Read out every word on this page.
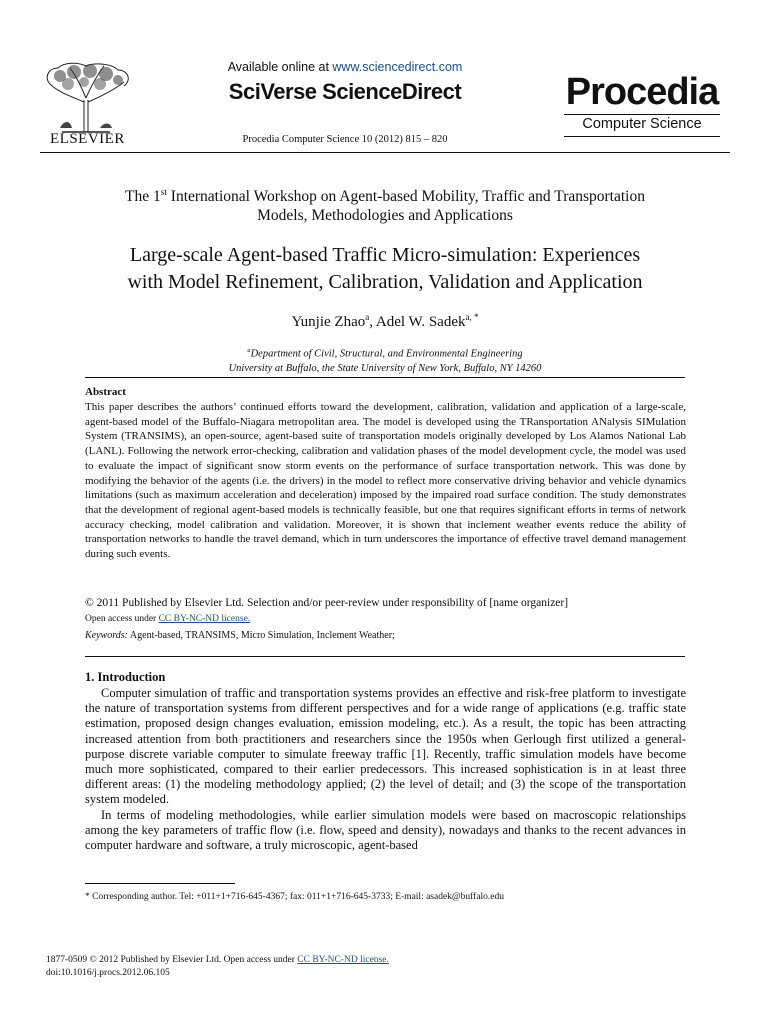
ELSEVIER
Available online at www.sciencedirect.com
SciVerse ScienceDirect
Procedia Computer Science 10 (2012) 815 – 820
Procedia
Computer Science
The 1st International Workshop on Agent-based Mobility, Traffic and Transportation
Models, Methodologies and Applications
Large-scale Agent-based Traffic Micro-simulation: Experiences
with Model Refinement, Calibration, Validation and Application
Yunjie Zhao$^a$, Adel W. Sadek$^{a, *}$
$^a$Department of Civil, Structural, and Environmental Engineering
University at Buffalo, the State University of New York, Buffalo, NY 14260
Abstract
This paper describes the authors’ continued efforts toward the development, calibration, validation and application of a large-scale, agent-based model of the Buffalo-Niagara metropolitan area. The model is developed using the TRansportation ANalysis SIMulation System (TRANSIMS), an open-source, agent-based suite of transportation models originally developed by Los Alamos National Lab (LANL). Following the network error-checking, calibration and validation phases of the model development cycle, the model was used to evaluate the impact of significant snow storm events on the performance of surface transportation network. This was done by modifying the behavior of the agents (i.e. the drivers) in the model to reflect more conservative driving behavior and vehicle dynamics limitations (such as maximum acceleration and deceleration) imposed by the impaired road surface condition. The study demonstrates that the development of regional agent-based models is technically feasible, but one that requires significant efforts in terms of network accuracy checking, model calibration and validation. Moreover, it is shown that inclement weather events reduce the ability of transportation networks to handle the travel demand, which in turn underscores the importance of effective travel demand management during such events.
© 2011 Published by Elsevier Ltd. Selection and/or peer-review under responsibility of [name organizer]
Open access under CC BY-NC-ND license.
Keywords: Agent-based, TRANSIMS, Micro Simulation, Inclement Weather;
1. Introduction

Computer simulation of traffic and transportation systems provides an effective and risk-free platform to investigate the nature of transportation systems from different perspectives and for a wide range of applications (e.g. traffic state estimation, proposed design changes evaluation, emission modeling, etc.). As a result, the topic has been attracting increased attention from both practitioners and researchers since the 1950s when Gerlough first utilized a general-purpose discrete variable computer to simulate freeway traffic [1]. Recently, traffic simulation models have become much more sophisticated, compared to their earlier predecessors. This increased sophistication is in at least three different areas: (1) the modeling methodology applied; (2) the level of detail; and (3) the scope of the transportation system modeled.

In terms of modeling methodologies, while earlier simulation models were based on macroscopic relationships among the key parameters of traffic flow (i.e. flow, speed and density), nowadays and thanks to the recent advances in computer hardware and software, a truly microscopic, agent-based

* Corresponding author. Tel: +011+1+716-645-4367; fax: 011+1+716-645-3733; E-mail: asadek@buffalo.edu
1877-0509 © 2012 Published by Elsevier Ltd. Open access under CC BY-NC-ND license.
doi:10.1016/j.procs.2012.06.105
